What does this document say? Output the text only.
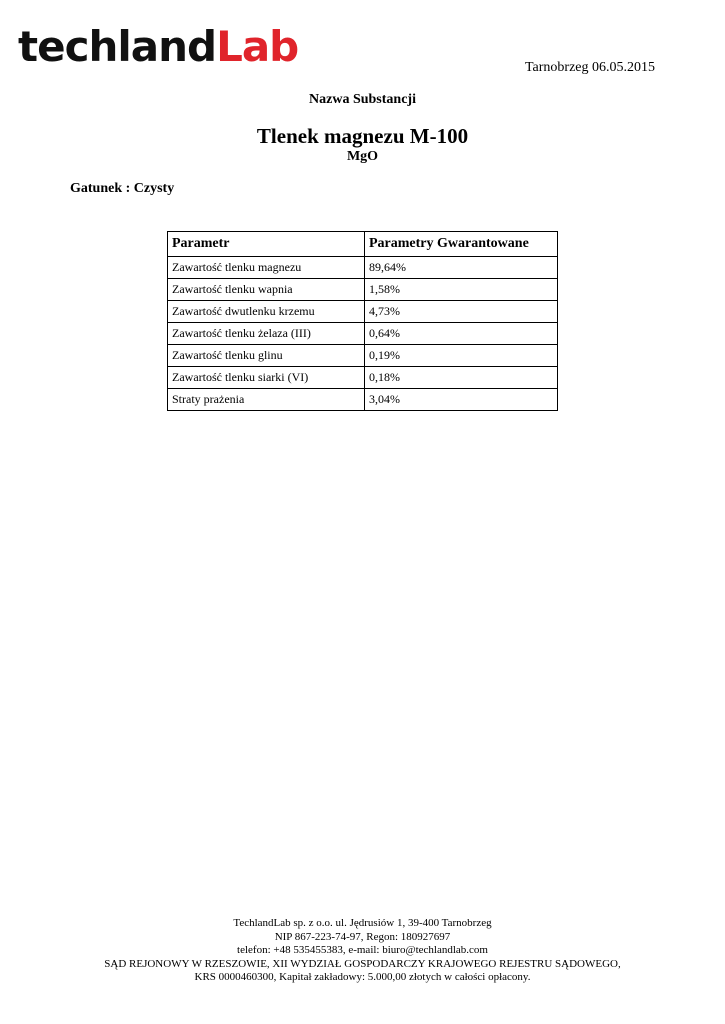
techlandLab	Tarnobrzeg 06.05.2015
Nazwa Substancji
Tlenek magnezu M-100
MgO
Gatunek : Czysty
Parametr	Parametry Gwarantowane
Zawartość tlenku magnezu	89,64%
Zawartość tlenku wapnia	1,58%
Zawartość dwutlenku krzemu	4,73%
Zawartość tlenku żelaza (III)	0,64%
Zawartość tlenku glinu	0,19%
Zawartość tlenku siarki (VI)	0,18%
Straty prażenia	3,04%
TechlandLab sp. z o.o. ul. Jędrusiów 1, 39-400 Tarnobrzeg
NIP 867-223-74-97, Regon: 180927697
telefon: +48 535455383, e-mail: biuro@techlandlab.com
SĄD REJONOWY W RZESZOWIE, XII WYDZIAŁ GOSPODARCZY KRAJOWEGO REJESTRU SĄDOWEGO,
KRS 0000460300, Kapitał zakładowy: 5.000,00 złotych w całości opłacony.
